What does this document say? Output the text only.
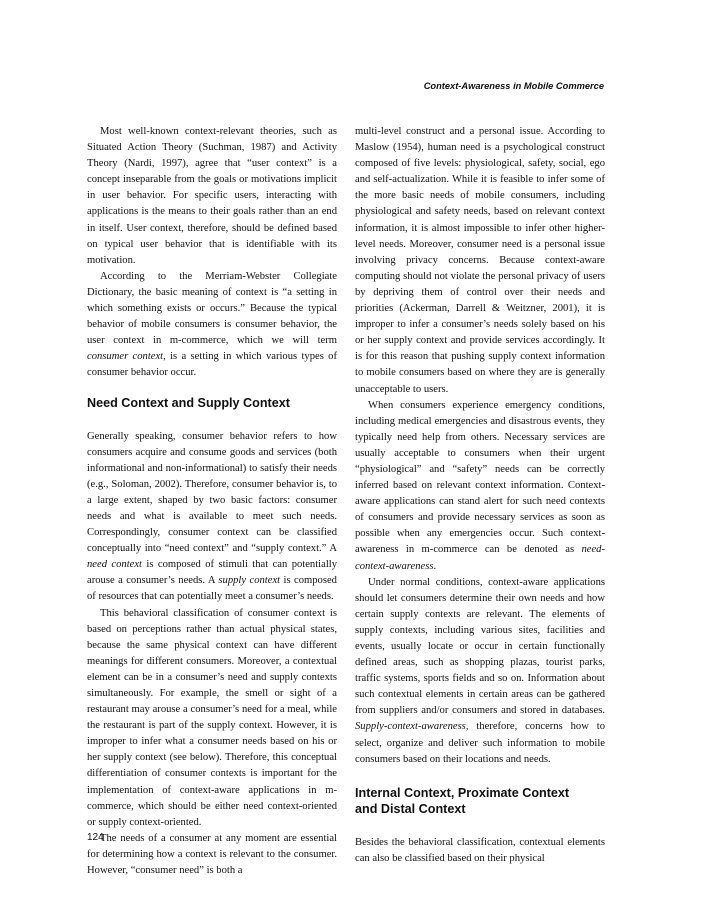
Context-Awareness in Mobile Commerce

Most well-known context-relevant theories, such as Situated Action Theory (Suchman, 1987) and Activity Theory (Nardi, 1997), agree that “user context” is a concept inseparable from the goals or motivations implicit in user behavior. For specific users, interacting with applications is the means to their goals rather than an end in itself. User context, therefore, should be defined based on typical user behavior that is identifiable with its motivation.

According to the Merriam-Webster Collegiate Dictionary, the basic meaning of context is “a setting in which something exists or occurs.” Because the typical behavior of mobile consumers is consumer behavior, the user context in m-commerce, which we will term consumer context, is a setting in which various types of consumer behavior occur.

Need Context and Supply Context

Generally speaking, consumer behavior refers to how consumers acquire and consume goods and services (both informational and non-informational) to satisfy their needs (e.g., Soloman, 2002). Therefore, consumer behavior is, to a large extent, shaped by two basic factors: consumer needs and what is available to meet such needs. Correspondingly, consumer context can be classified conceptually into “need context” and “supply context.” A need context is composed of stimuli that can potentially arouse a consumer’s needs. A supply context is composed of resources that can potentially meet a consumer’s needs.

This behavioral classification of consumer context is based on perceptions rather than actual physical states, because the same physical context can have different meanings for different consumers. Moreover, a contextual element can be in a consumer’s need and supply contexts simultaneously. For example, the smell or sight of a restaurant may arouse a consumer’s need for a meal, while the restaurant is part of the supply context. However, it is improper to infer what a consumer needs based on his or her supply context (see below). Therefore, this conceptual differentiation of consumer contexts is important for the implementation of context-aware applications in m-commerce, which should be either need context-oriented or supply context-oriented.

The needs of a consumer at any moment are essential for determining how a context is relevant to the consumer. However, “consumer need” is both a

multi-level construct and a personal issue. According to Maslow (1954), human need is a psychological construct composed of five levels: physiological, safety, social, ego and self-actualization. While it is feasible to infer some of the more basic needs of mobile consumers, including physiological and safety needs, based on relevant context information, it is almost impossible to infer other higher-level needs. Moreover, consumer need is a personal issue involving privacy concerns. Because context-aware computing should not violate the personal privacy of users by depriving them of control over their needs and priorities (Ackerman, Darrell & Weitzner, 2001), it is improper to infer a consumer’s needs solely based on his or her supply context and provide services accordingly. It is for this reason that pushing supply context information to mobile consumers based on where they are is generally unacceptable to users.

When consumers experience emergency conditions, including medical emergencies and disastrous events, they typically need help from others. Necessary services are usually acceptable to consumers when their urgent “physiological” and “safety” needs can be correctly inferred based on relevant context information. Context-aware applications can stand alert for such need contexts of consumers and provide necessary services as soon as possible when any emergencies occur. Such context-awareness in m-commerce can be denoted as need-context-awareness.

Under normal conditions, context-aware applications should let consumers determine their own needs and how certain supply contexts are relevant. The elements of supply contexts, including various sites, facilities and events, usually locate or occur in certain functionally defined areas, such as shopping plazas, tourist parks, traffic systems, sports fields and so on. Information about such contextual elements in certain areas can be gathered from suppliers and/or consumers and stored in databases. Supply-context-awareness, therefore, concerns how to select, organize and deliver such information to mobile consumers based on their locations and needs.

Internal Context, Proximate Context
and Distal Context

Besides the behavioral classification, contextual elements can also be classified based on their physical

124
